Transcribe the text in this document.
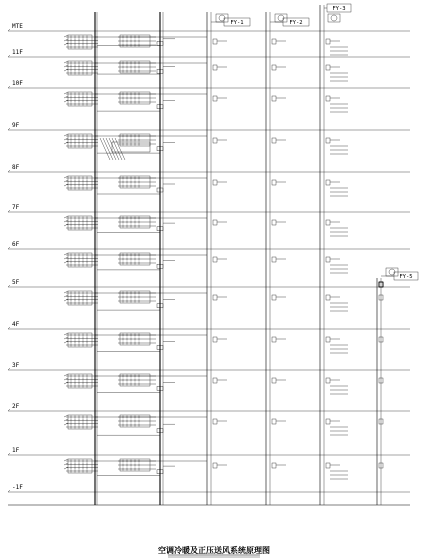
MTE
11F
10F
9F
8F
7F
6F
5F
4F
3F
2F
1F
-1F
FY-1	FY-2
FY-3
FY-5
空调冷暖及正压送风系统原理图
